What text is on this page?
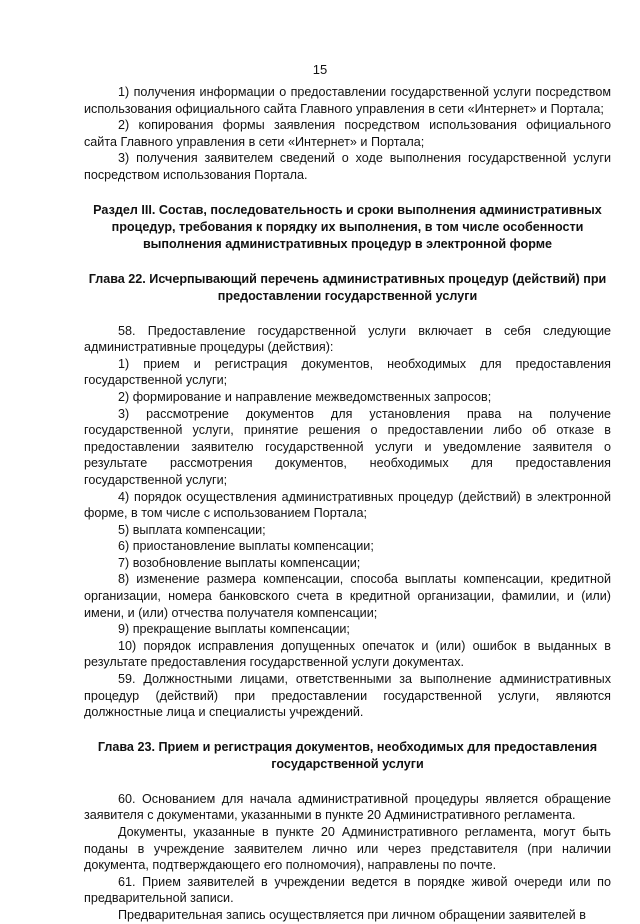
15

1) получения информации о предоставлении государственной услуги посредством использования официального сайта Главного управления в сети «Интернет» и Портала;

2) копирования формы заявления посредством использования официального сайта Главного управления в сети «Интернет» и Портала;

3) получения заявителем сведений о ходе выполнения государственной услуги посредством использования Портала.

Раздел III. Состав, последовательность и сроки выполнения административных процедур, требования к порядку их выполнения, в том числе особенности выполнения административных процедур в электронной форме

Глава 22. Исчерпывающий перечень административных процедур (действий) при предоставлении государственной услуги

58. Предоставление государственной услуги включает в себя следующие административные процедуры (действия):

1) прием и регистрация документов, необходимых для предоставления государственной услуги;

2) формирование и направление межведомственных запросов;

3) рассмотрение документов для установления права на получение государственной услуги, принятие решения о предоставлении либо об отказе в предоставлении заявителю государственной услуги и уведомление заявителя о результате рассмотрения документов, необходимых для предоставления государственной услуги;

4) порядок осуществления административных процедур (действий) в электронной форме, в том числе с использованием Портала;

5) выплата компенсации;

6) приостановление выплаты компенсации;

7) возобновление выплаты компенсации;

8) изменение размера компенсации, способа выплаты компенсации, кредитной организации, номера банковского счета в кредитной организации, фамилии, и (или) имени, и (или) отчества получателя компенсации;

9) прекращение выплаты компенсации;

10) порядок исправления допущенных опечаток и (или) ошибок в выданных в результате предоставления государственной услуги документах.

59. Должностными лицами, ответственными за выполнение административных процедур (действий) при предоставлении государственной услуги, являются должностные лица и специалисты учреждений.

Глава 23. Прием и регистрация документов, необходимых для предоставления государственной услуги

60. Основанием для начала административной процедуры является обращение заявителя с документами, указанными в пункте 20 Административного регламента.

Документы, указанные в пункте 20 Административного регламента, могут быть поданы в учреждение заявителем лично или через представителя (при наличии документа, подтверждающего его полномочия), направлены по почте.

61. Прием заявителей в учреждении ведется в порядке живой очереди или по предварительной записи.

Предварительная запись осуществляется при личном обращении заявителей в
